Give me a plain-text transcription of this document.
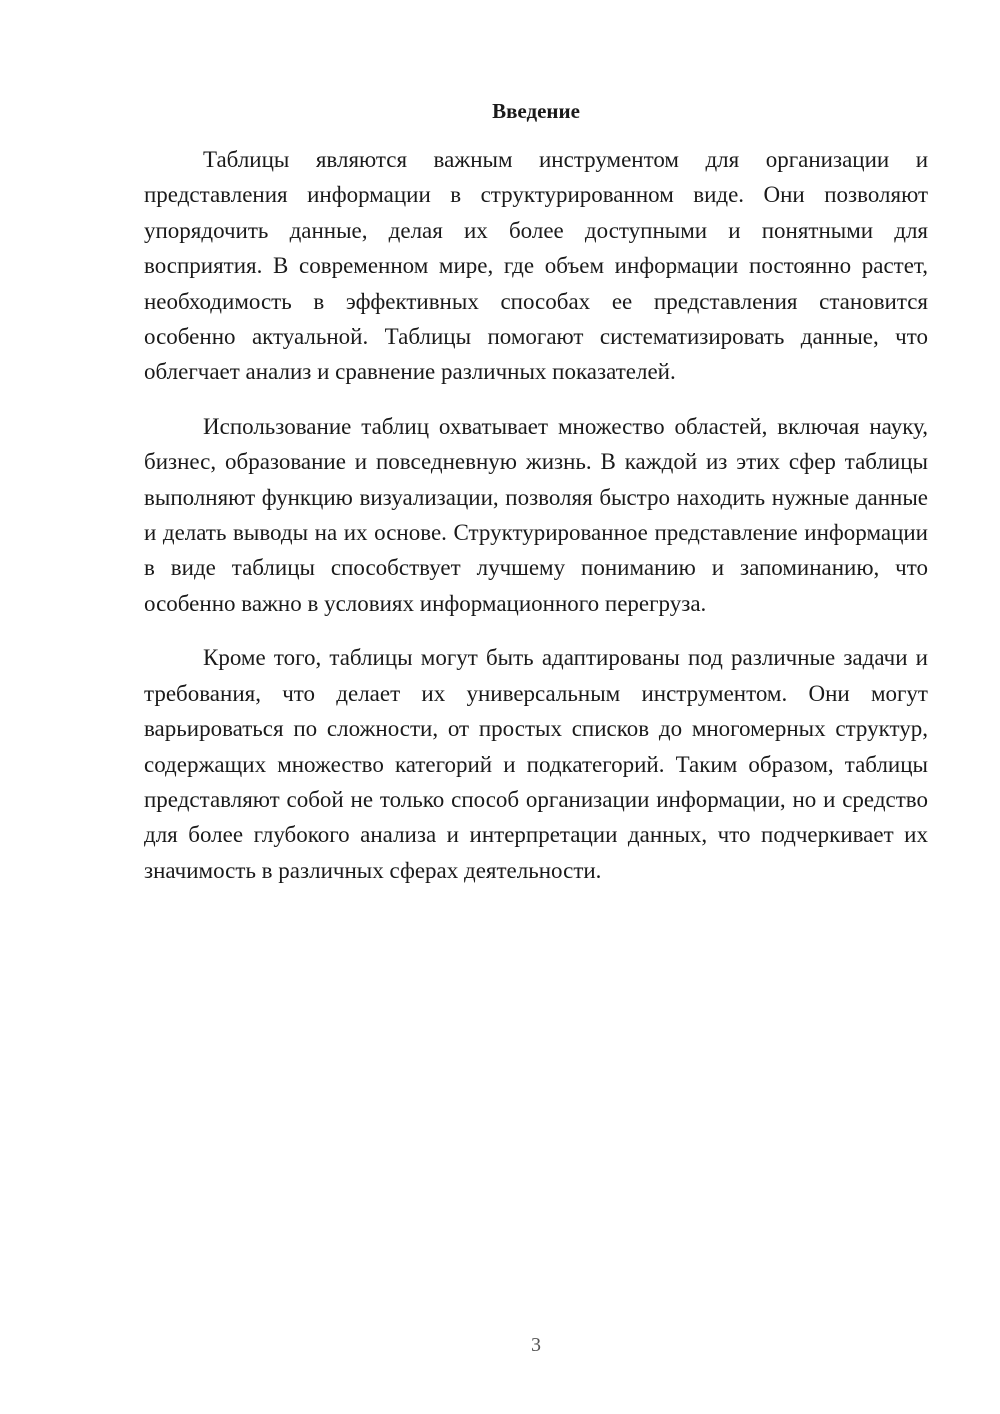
Введение

Таблицы являются важным инструментом для организации и представления информации в структурированном виде. Они позволяют упорядочить данные, делая их более доступными и понятными для восприятия. В современном мире, где объем информации постоянно растет, необходимость в эффективных способах ее представления становится особенно актуальной. Таблицы помогают систематизировать данные, что облегчает анализ и сравнение различных показателей.

Использование таблиц охватывает множество областей, включая науку, бизнес, образование и повседневную жизнь. В каждой из этих сфер таблицы выполняют функцию визуализации, позволяя быстро находить нужные данные и делать выводы на их основе. Структурированное представление информации в виде таблицы способствует лучшему пониманию и запоминанию, что особенно важно в условиях информационного перегруза.

Кроме того, таблицы могут быть адаптированы под различные задачи и требования, что делает их универсальным инструментом. Они могут варьироваться по сложности, от простых списков до многомерных структур, содержащих множество категорий и подкатегорий. Таким образом, таблицы представляют собой не только способ организации информации, но и средство для более глубокого анализа и интерпретации данных, что подчеркивает их значимость в различных сферах деятельности.

3
